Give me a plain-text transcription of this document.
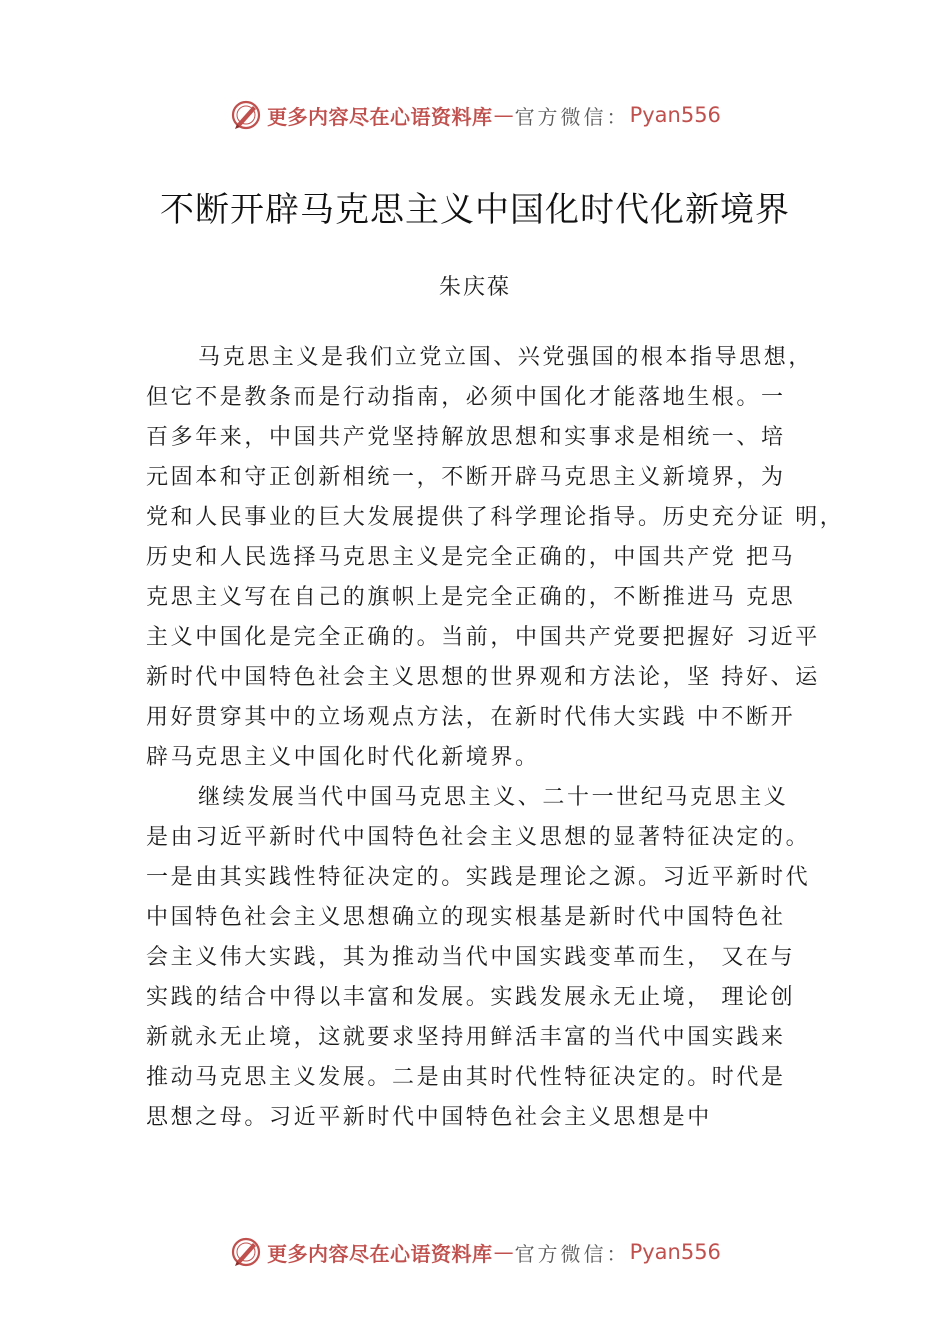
更多内容尽在心语资料库 — 官方微信： Pyan556
不断开辟马克思主义中国化时代化新境界
朱庆葆
马克思主义是我们立党立国、兴党强国的根本指导思想，
但它不是教条而是行动指南，必须中国化才能落地生根。一
百多年来，中国共产党坚持解放思想和实事求是相统一、培
元固本和守正创新相统一，不断开辟马克思主义新境界，为
党和人民事业的巨大发展提供了科学理论指导。历史充分证 明，
历史和人民选择马克思主义是完全正确的，中国共产党 把马
克思主义写在自己的旗帜上是完全正确的，不断推进马 克思
主义中国化是完全正确的。当前，中国共产党要把握好 习近平
新时代中国特色社会主义思想的世界观和方法论，坚 持好、运
用好贯穿其中的立场观点方法，在新时代伟大实践 中不断开
辟马克思主义中国化时代化新境界。
继续发展当代中国马克思主义、二十一世纪马克思主义
是由习近平新时代中国特色社会主义思想的显著特征决定的。
一是由其实践性特征决定的。实践是理论之源。习近平新时代
中国特色社会主义思想确立的现实根基是新时代中国特色社
会主义伟大实践，其为推动当代中国实践变革而生， 又在与
实践的结合中得以丰富和发展。实践发展永无止境， 理论创
新就永无止境，这就要求坚持用鲜活丰富的当代中国实践来
推动马克思主义发展。二是由其时代性特征决定的。时代是
思想之母。习近平新时代中国特色社会主义思想是中
更多内容尽在心语资料库 — 官方微信： Pyan556
